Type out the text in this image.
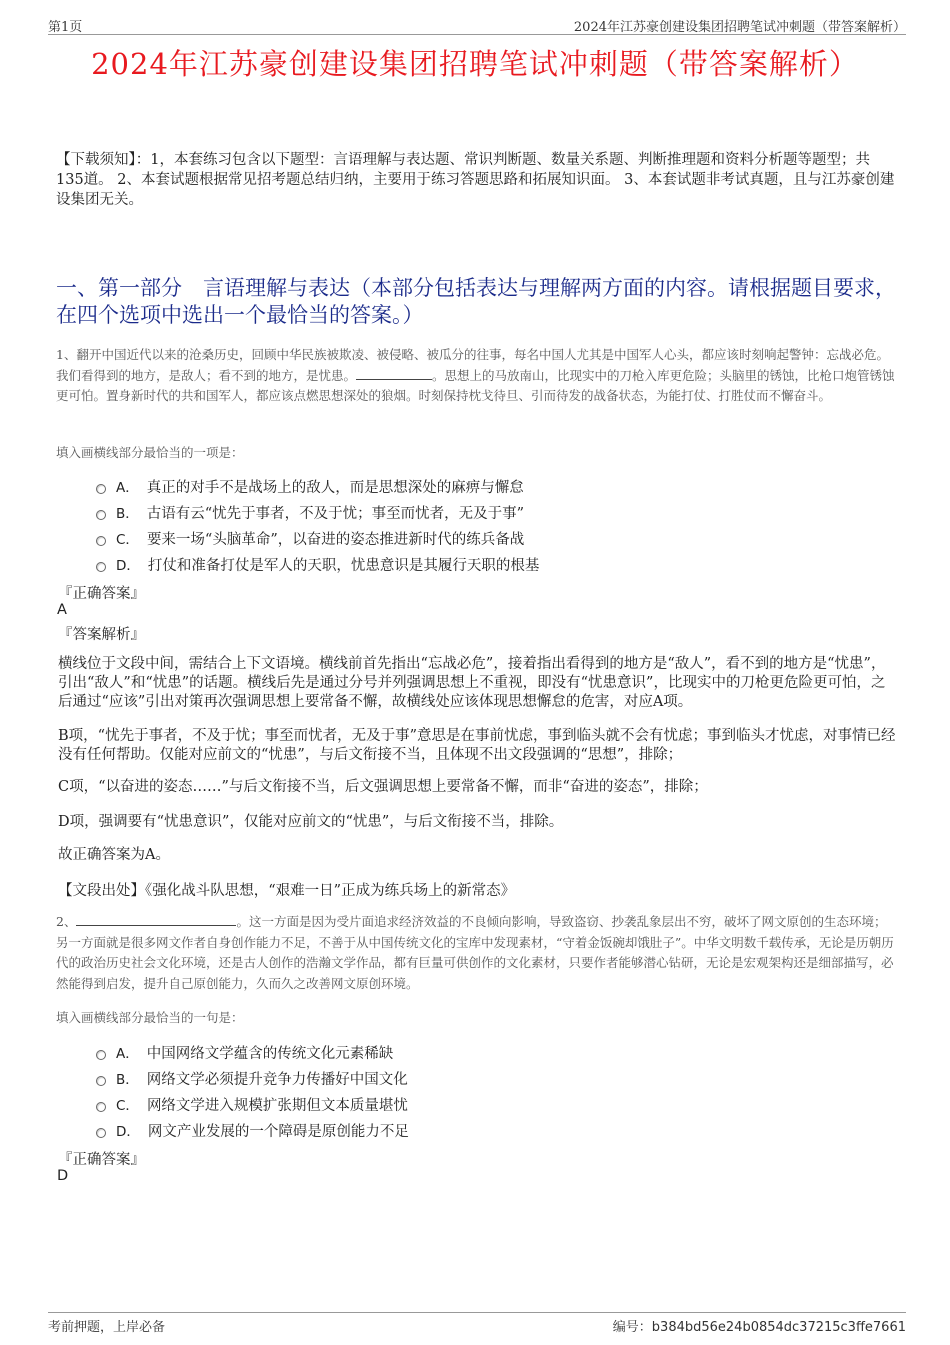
第1页	2024年江苏豪创建设集团招聘笔试冲刺题（带答案解析）
2024年江苏豪创建设集团招聘笔试冲刺题（带答案解析）
【下载须知】：1，本套练习包含以下题型：言语理解与表达题、常识判断题、数量关系题、判断推理题和资料分析题等题型；共135道。 2、本套试题根据常见招考题总结归纳，主要用于练习答题思路和拓展知识面。 3、本套试题非考试真题，且与江苏豪创建设集团无关。
一、第一部分　言语理解与表达（本部分包括表达与理解两方面的内容。请根据题目要求，在四个选项中选出一个最恰当的答案。）
1、翻开中国近代以来的沧桑历史，回顾中华民族被欺凌、被侵略、被瓜分的往事，每名中国人尤其是中国军人心头，都应该时刻响起警钟：忘战必危。我们看得到的地方，是敌人；看不到的地方，是忧患。	。思想上的马放南山，比现实中的刀枪入库更危险；头脑里的锈蚀，比枪口炮管锈蚀更可怕。置身新时代的共和国军人，都应该点燃思想深处的狼烟。时刻保持枕戈待旦、引而待发的战备状态，为能打仗、打胜仗而不懈奋斗。
填入画横线部分最恰当的一项是：
A． 真正的对手不是战场上的敌人，而是思想深处的麻痹与懈怠
B． 古语有云“忧先于事者，不及于忧；事至而忧者，无及于事”
C． 要来一场“头脑革命”，以奋进的姿态推进新时代的练兵备战
D． 打仗和准备打仗是军人的天职，忧患意识是其履行天职的根基
『正确答案』
A
『答案解析』
横线位于文段中间，需结合上下文语境。横线前首先指出“忘战必危”，接着指出看得到的地方是“敌人”，看不到的地方是“忧患”，引出“敌人”和“忧患”的话题。横线后先是通过分号并列强调思想上不重视，即没有“忧患意识”，比现实中的刀枪更危险更可怕，之后通过“应该”引出对策再次强调思想上要常备不懈，故横线处应该体现思想懈怠的危害，对应A项。
B项，“忧先于事者，不及于忧；事至而忧者，无及于事”意思是在事前忧虑，事到临头就不会有忧虑；事到临头才忧虑，对事情已经没有任何帮助。仅能对应前文的“忧患”，与后文衔接不当，且体现不出文段强调的“思想”，排除；
C项，“以奋进的姿态……”与后文衔接不当，后文强调思想上要常备不懈，而非“奋进的姿态”，排除；
D项，强调要有“忧患意识”，仅能对应前文的“忧患”，与后文衔接不当，排除。
故正确答案为A。
【文段出处】《强化战斗队思想，“艰难一日”正成为练兵场上的新常态》
2、	。这一方面是因为受片面追求经济效益的不良倾向影响，导致盗窃、抄袭乱象层出不穷，破坏了网文原创的生态环境；另一方面就是很多网文作者自身创作能力不足，不善于从中国传统文化的宝库中发现素材，“守着金饭碗却饿肚子”。中华文明数千载传承，无论是历朝历代的政治历史社会文化环境，还是古人创作的浩瀚文学作品，都有巨量可供创作的文化素材，只要作者能够潜心钻研，无论是宏观架构还是细部描写，必然能得到启发，提升自己原创能力，久而久之改善网文原创环境。
填入画横线部分最恰当的一句是：
A． 中国网络文学蕴含的传统文化元素稀缺
B． 网络文学必须提升竞争力传播好中国文化
C． 网络文学进入规模扩张期但文本质量堪忧
D． 网文产业发展的一个障碍是原创能力不足
『正确答案』
D
考前押题，上岸必备	编号：b384bd56e24b0854dc37215c3ffe7661
